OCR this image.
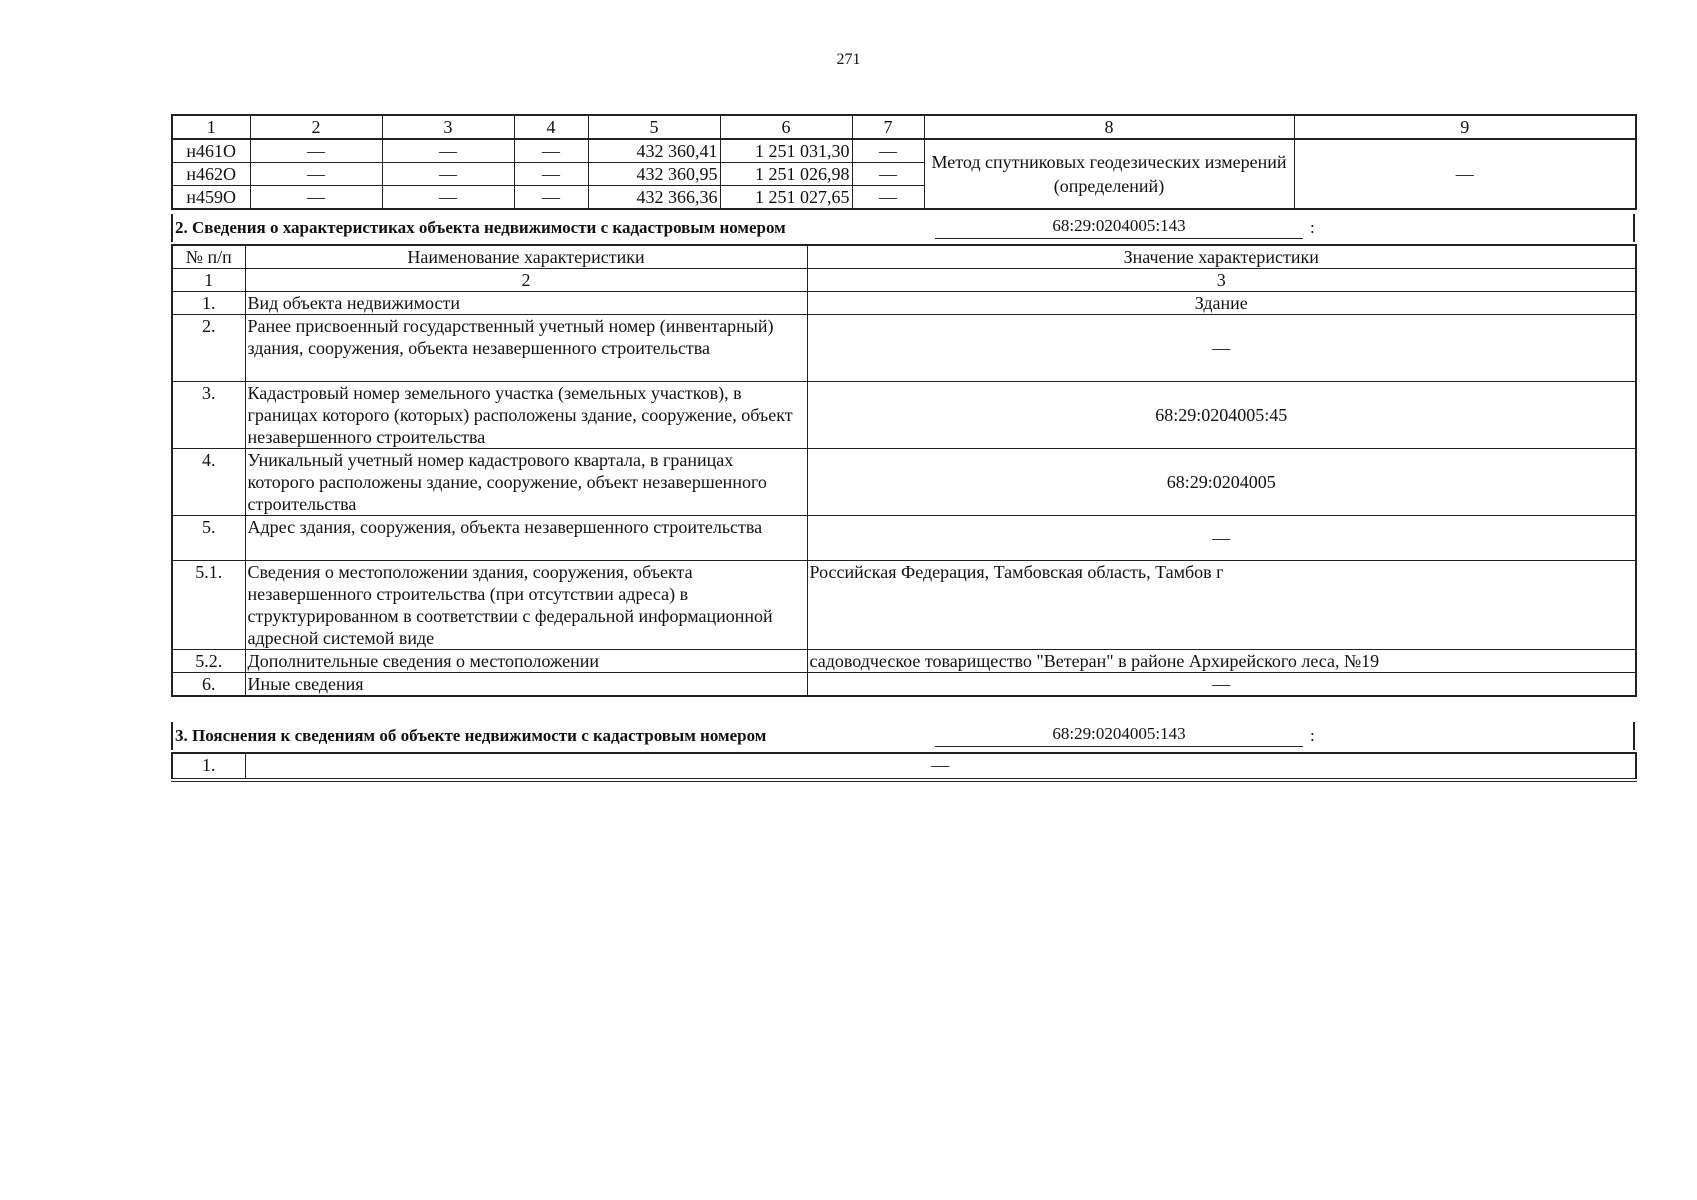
271
1	2	3	4	5	6	7	8	9
н461О	—	—	—	432 360,41	1 251 031,30	—	Метод спутниковых геодезических измерений (определений)	—
н462О	—	—	—	432 360,95	1 251 026,98	—		
н459О	—	—	—	432 366,36	1 251 027,65	—		
2. Сведения о характеристиках объекта недвижимости с кадастровым номером	68:29:0204005:143	:
№ п/п	Наименование характеристики	Значение характеристики
1	2	3
1.	Вид объекта недвижимости	Здание
2.	Ранее присвоенный государственный учетный номер (инвентарный) здания, сооружения, объекта незавершенного строительства	—
3.	Кадастровый номер земельного участка (земельных участков), в границах которого (которых) расположены здание, сооружение, объект незавершенного строительства	68:29:0204005:45
4.	Уникальный учетный номер кадастрового квартала, в границах которого расположены здание, сооружение, объект незавершенного строительства	68:29:0204005
5.	Адрес здания, сооружения, объекта незавершенного строительства	—
5.1.	Сведения о местоположении здания, сооружения, объекта незавершенного строительства (при отсутствии адреса) в структурированном в соответствии с федеральной информационной адресной системой виде	Российская Федерация, Тамбовская область, Тамбов г
5.2.	Дополнительные сведения о местоположении	садоводческое товарищество "Ветеран" в районе Архирейского леса, №19
6.	Иные сведения	—
3. Пояснения к сведениям об объекте недвижимости с кадастровым номером	68:29:0204005:143	:
1.	—
